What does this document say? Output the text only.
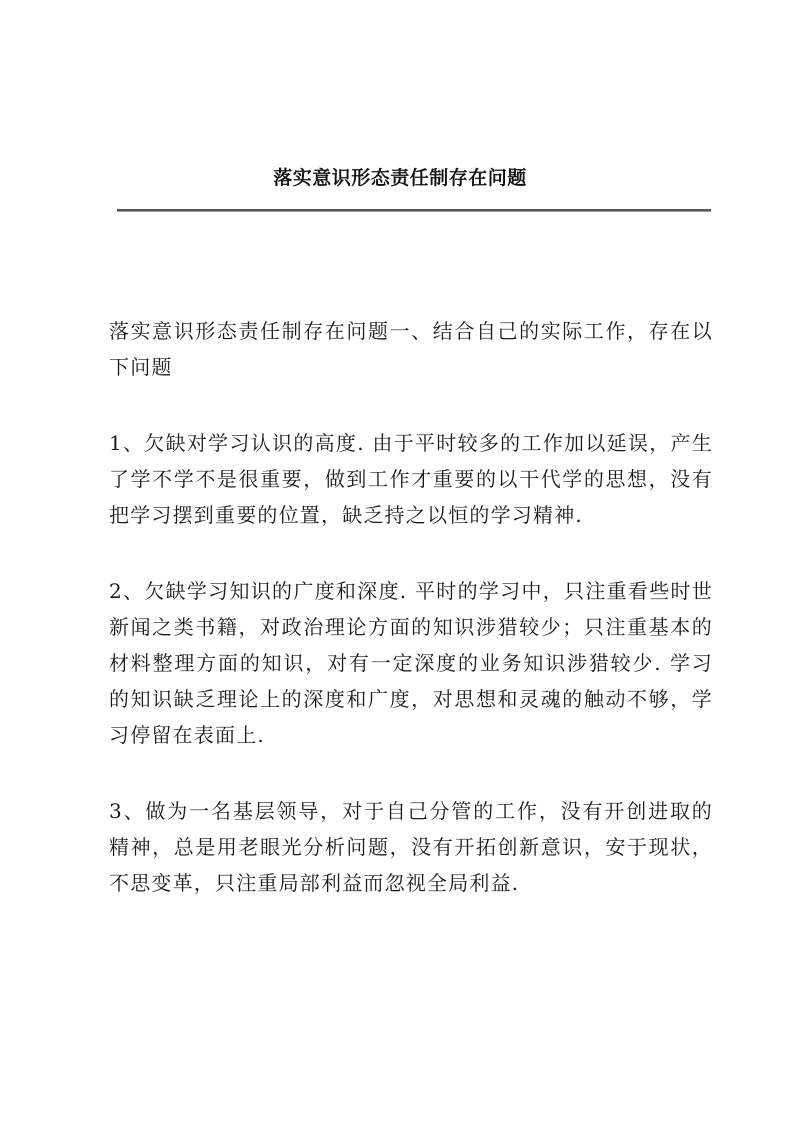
落实意识形态责任制存在问题

落实意识形态责任制存在问题一、结合自己的实际工作，存在以下问题

1、欠缺对学习认识的高度. 由于平时较多的工作加以延误，产生了学不学不是很重要，做到工作才重要的以干代学的思想，没有把学习摆到重要的位置，缺乏持之以恒的学习精神.

2、欠缺学习知识的广度和深度. 平时的学习中，只注重看些时世新闻之类书籍，对政治理论方面的知识涉猎较少；只注重基本的材料整理方面的知识，对有一定深度的业务知识涉猎较少. 学习的知识缺乏理论上的深度和广度，对思想和灵魂的触动不够，学习停留在表面上.

3、做为一名基层领导，对于自己分管的工作，没有开创进取的精神，总是用老眼光分析问题，没有开拓创新意识，安于现状，不思变革，只注重局部利益而忽视全局利益.
